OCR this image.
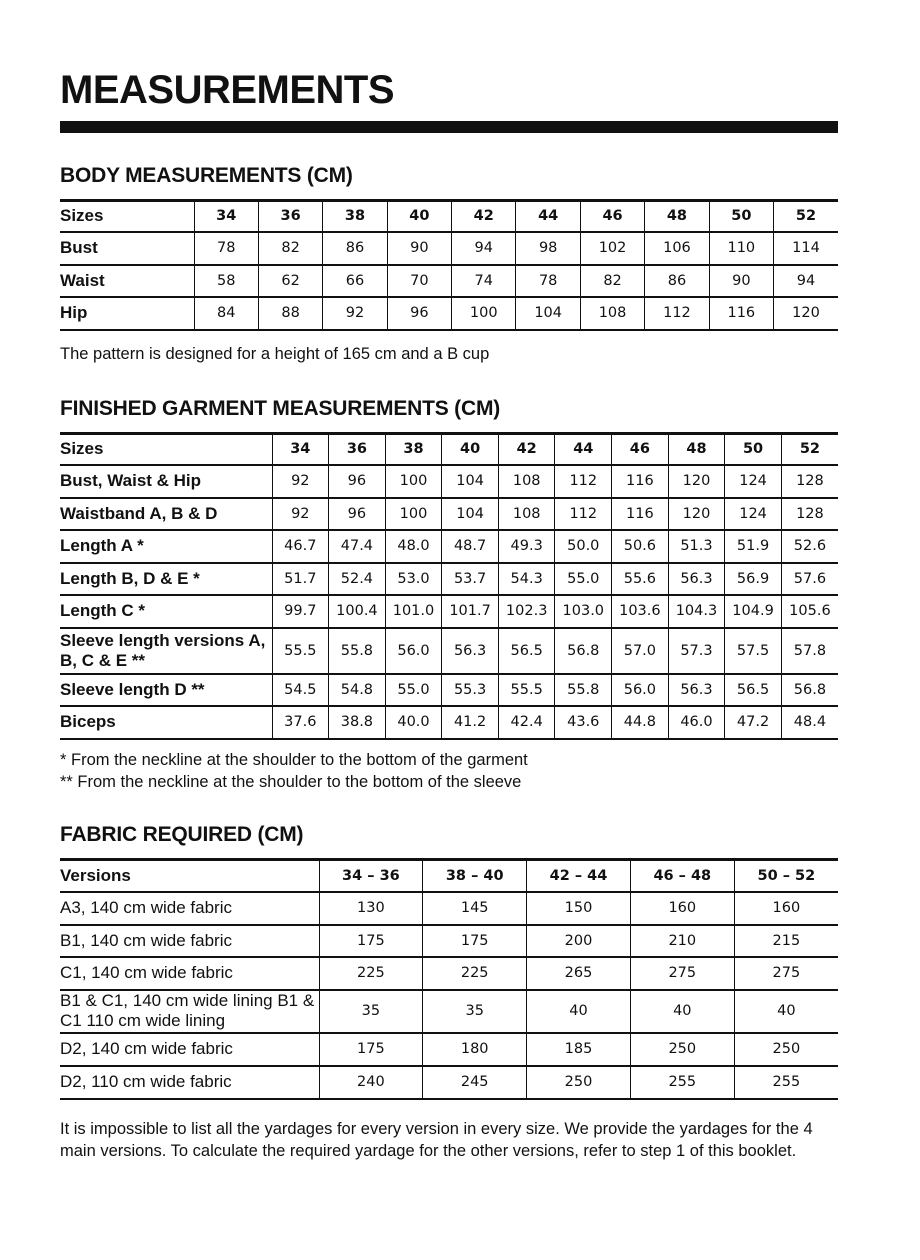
MEASUREMENTS
BODY MEASUREMENTS (CM)
Sizes	34	36	38	40	42	44	46	48	50	52
Bust	78	82	86	90	94	98	102	106	110	114
Waist	58	62	66	70	74	78	82	86	90	94
Hip	84	88	92	96	100	104	108	112	116	120
The pattern is designed for a height of 165 cm and a B cup
FINISHED GARMENT MEASUREMENTS (CM)
Sizes	34	36	38	40	42	44	46	48	50	52
Bust, Waist & Hip	92	96	100	104	108	112	116	120	124	128
Waistband A, B & D	92	96	100	104	108	112	116	120	124	128
Length A *	46.7	47.4	48.0	48.7	49.3	50.0	50.6	51.3	51.9	52.6
Length B, D & E *	51.7	52.4	53.0	53.7	54.3	55.0	55.6	56.3	56.9	57.6
Length C *	99.7	100.4	101.0	101.7	102.3	103.0	103.6	104.3	104.9	105.6
Sleeve length versions A, B, C & E **	55.5	55.8	56.0	56.3	56.5	56.8	57.0	57.3	57.5	57.8
Sleeve length D **	54.5	54.8	55.0	55.3	55.5	55.8	56.0	56.3	56.5	56.8
Biceps	37.6	38.8	40.0	41.2	42.4	43.6	44.8	46.0	47.2	48.4
* From the neckline at the shoulder to the bottom of the garment
** From the neckline at the shoulder to the bottom of the sleeve
FABRIC REQUIRED (CM)
Versions	34 – 36	38 – 40	42 – 44	46 – 48	50 – 52
A3, 140 cm wide fabric	130	145	150	160	160
B1, 140 cm wide fabric	175	175	200	210	215
C1, 140 cm wide fabric	225	225	265	275	275
B1 & C1, 140 cm wide lining B1 & C1 110 cm wide lining	35	35	40	40	40
D2, 140 cm wide fabric	175	180	185	250	250
D2, 110 cm wide fabric	240	245	250	255	255
It is impossible to list all the yardages for every version in every size. We provide the yardages for the 4 main versions. To calculate the required yardage for the other versions, refer to step 1 of this booklet.
